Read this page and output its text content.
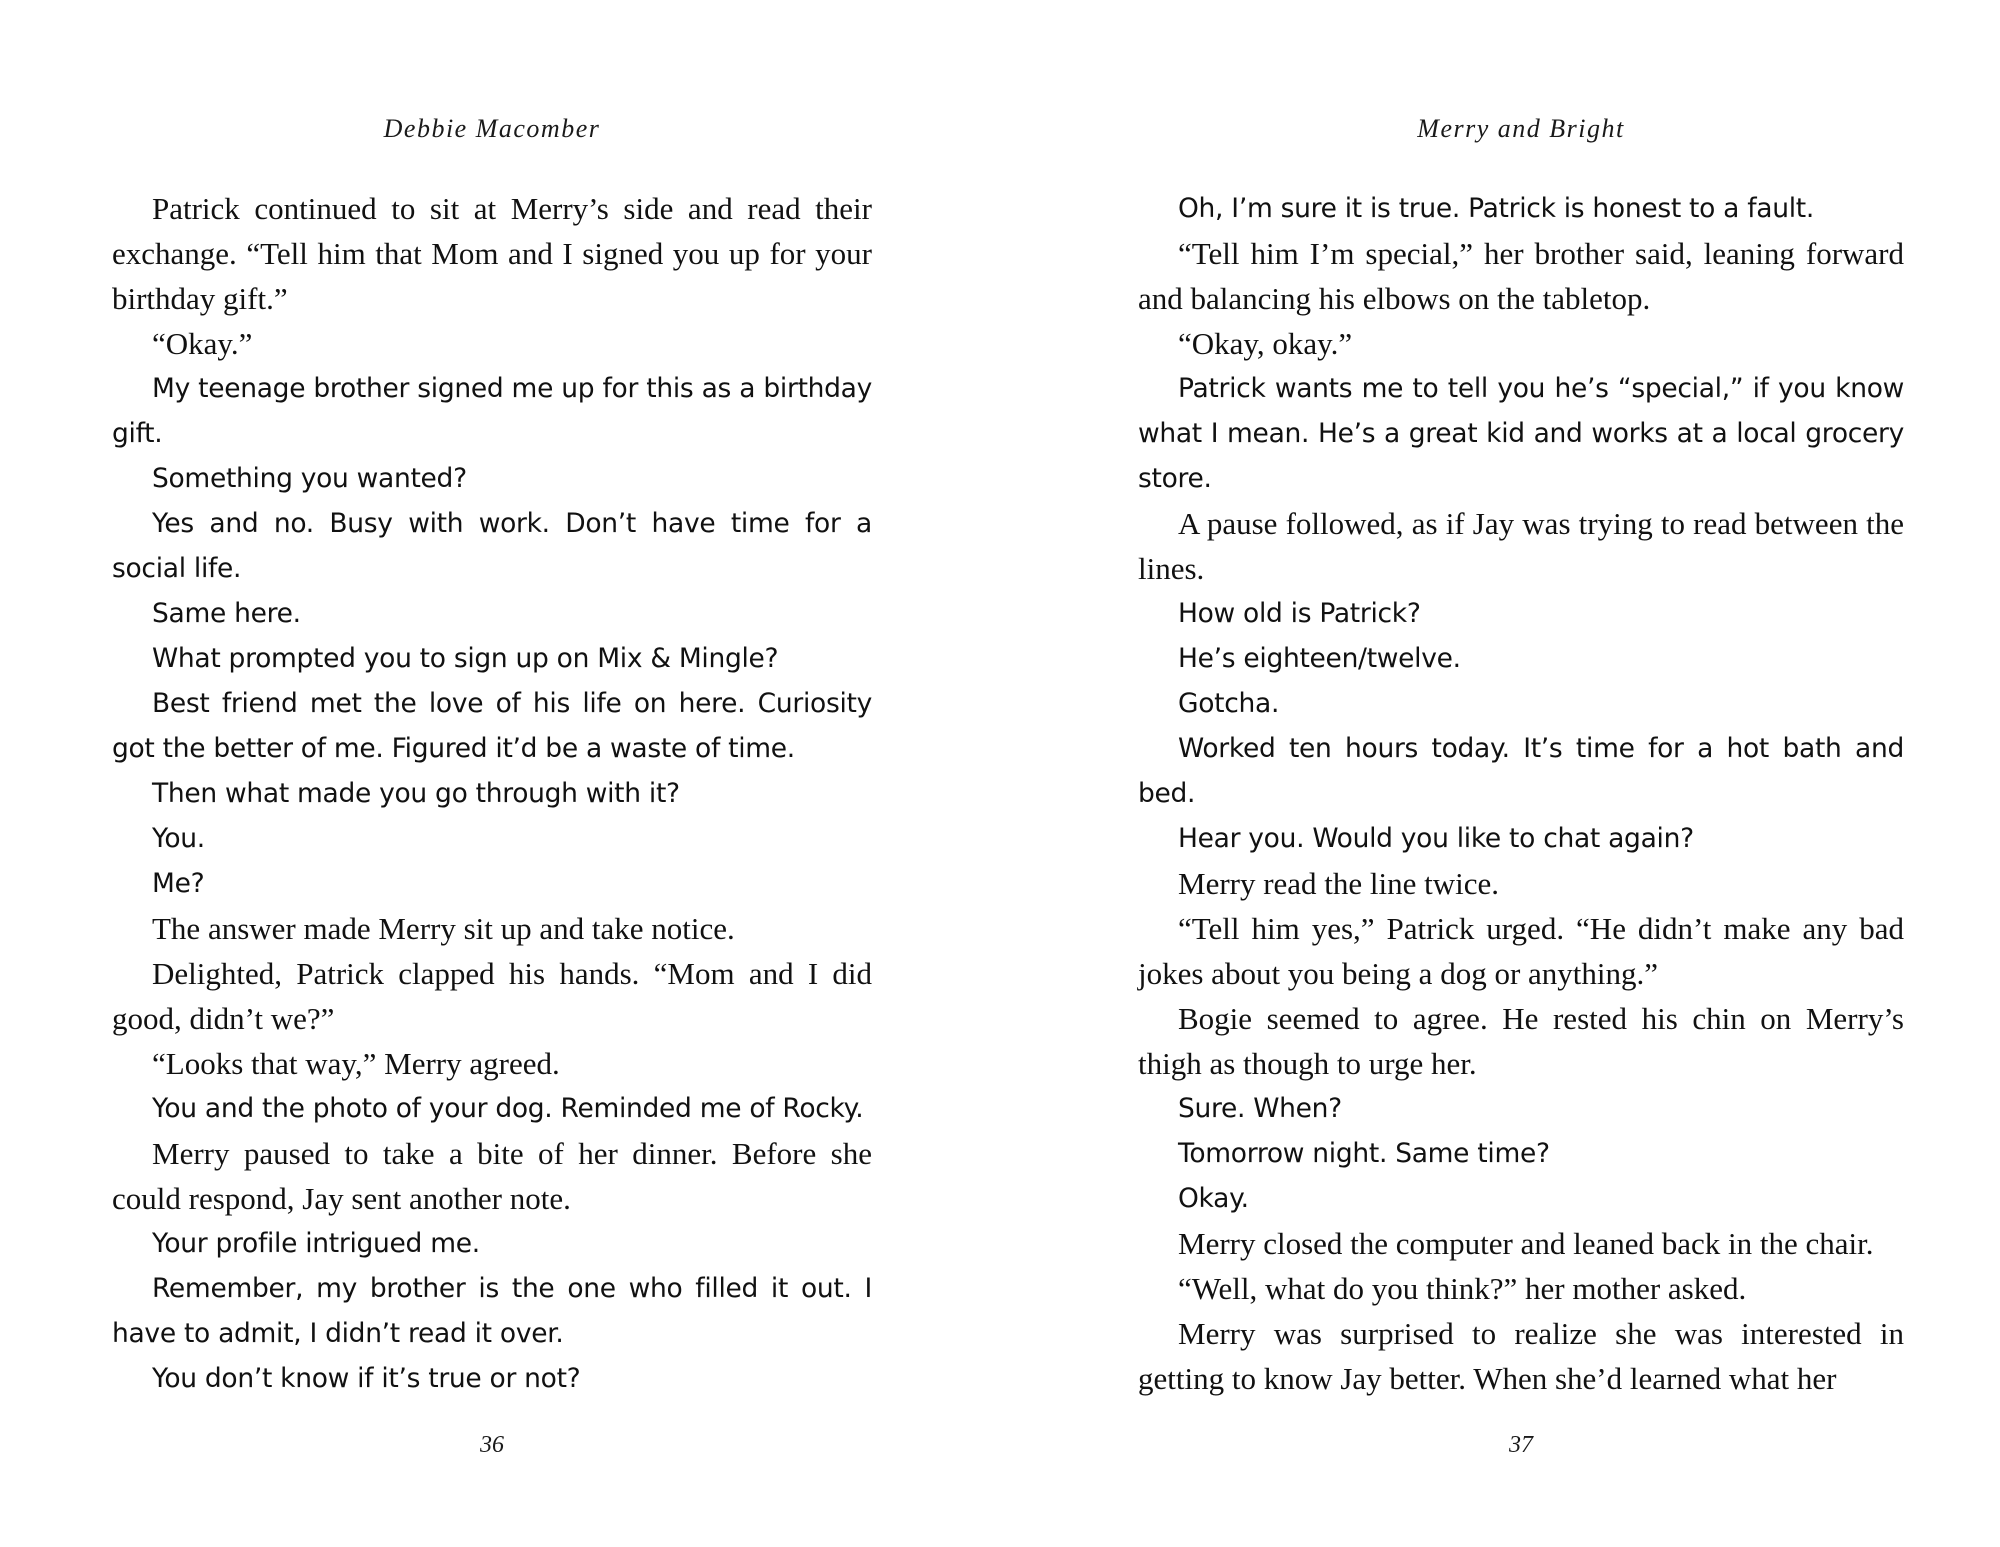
Debbie Macomber

Patrick continued to sit at Merry’s side and read their exchange. “Tell him that Mom and I signed you up for your birthday gift.”

“Okay.”

My teenage brother signed me up for this as a birthday gift.

Something you wanted?

Yes and no. Busy with work. Don’t have time for a social life.

Same here.

What prompted you to sign up on Mix & Mingle?

Best friend met the love of his life on here. Curiosity got the better of me. Figured it’d be a waste of time.

Then what made you go through with it?

You.

Me?

The answer made Merry sit up and take notice.

Delighted, Patrick clapped his hands. “Mom and I did good, didn’t we?”

“Looks that way,” Merry agreed.

You and the photo of your dog. Reminded me of Rocky.

Merry paused to take a bite of her dinner. Before she could respond, Jay sent another note.

Your profile intrigued me.

Remember, my brother is the one who filled it out. I have to admit, I didn’t read it over.

You don’t know if it’s true or not?

36
Merry and Bright

Oh, I’m sure it is true. Patrick is honest to a fault.

“Tell him I’m special,” her brother said, leaning forward and balancing his elbows on the tabletop.

“Okay, okay.”

Patrick wants me to tell you he’s “special,” if you know what I mean. He’s a great kid and works at a local grocery store.

A pause followed, as if Jay was trying to read between the lines.

How old is Patrick?

He’s eighteen/twelve.

Gotcha.

Worked ten hours today. It’s time for a hot bath and bed.

Hear you. Would you like to chat again?

Merry read the line twice.

“Tell him yes,” Patrick urged. “He didn’t make any bad jokes about you being a dog or anything.”

Bogie seemed to agree. He rested his chin on Merry’s thigh as though to urge her.

Sure. When?

Tomorrow night. Same time?

Okay.

Merry closed the computer and leaned back in the chair.

“Well, what do you think?” her mother asked.

Merry was surprised to realize she was interested in getting to know Jay better. When she’d learned what her

37
